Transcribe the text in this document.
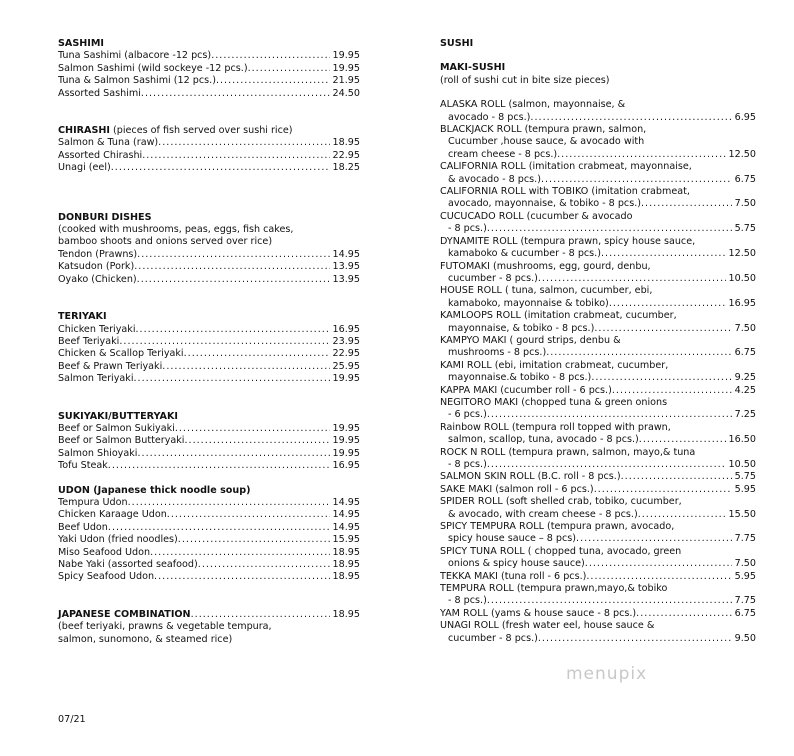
SASHIMI
Tuna Sashimi (albacore -12 pcs) .....	19.95
Salmon Sashimi (wild sockeye -12 pcs.) .....	19.95
Tuna & Salmon Sashimi (12 pcs.) .....	21.95
Assorted Sashimi .....	24.50
CHIRASHI (pieces of fish served over sushi rice)
Salmon & Tuna (raw) .....	18.95
Assorted Chirashi .....	22.95
Unagi (eel) .....	18.25
DONBURI DISHES
(cooked with mushrooms, peas, eggs, fish cakes,
bamboo shoots and onions served over rice)
Tendon (Prawns) .....	14.95
Katsudon (Pork) .....	13.95
Oyako (Chicken) .....	13.95
TERIYAKI
Chicken Teriyaki .....	16.95
Beef Teriyaki .....	23.95
Chicken & Scallop Teriyaki .....	22.95
Beef & Prawn Teriyaki .....	25.95
Salmon Teriyaki .....	19.95
SUKIYAKI/BUTTERYAKI
Beef or Salmon Sukiyaki .....	19.95
Beef or Salmon Butteryaki .....	19.95
Salmon Shioyaki .....	19.95
Tofu Steak .....	16.95
UDON (Japanese thick noodle soup)
Tempura Udon .....	14.95
Chicken Karaage Udon .....	14.95
Beef Udon .....	14.95
Yaki Udon (fried noodles) .....	15.95
Miso Seafood Udon .....	18.95
Nabe Yaki (assorted seafood) .....	18.95
Spicy Seafood Udon .....	18.95
JAPANESE COMBINATION .....	18.95
(beef teriyaki, prawns & vegetable tempura,
salmon, sunomono, & steamed rice)
07/21
SUSHI
MAKI-SUSHI
(roll of sushi cut in bite size pieces)
ALASKA ROLL (salmon, mayonnaise, &
avocado - 8 pcs.) .....	6.95
BLACKJACK ROLL (tempura prawn, salmon,
Cucumber ,house sauce, & avocado with
cream cheese - 8 pcs.) .....	12.50
CALIFORNIA ROLL (imitation crabmeat, mayonnaise,
& avocado - 8 pcs.) .....	6.75
CALIFORNIA ROLL with TOBIKO (imitation crabmeat,
avocado, mayonnaise, & tobiko - 8 pcs.) .....	7.50
CUCUCADO ROLL (cucumber & avocado
- 8 pcs.) .....	5.75
DYNAMITE ROLL (tempura prawn, spicy house sauce,
kamaboko & cucumber - 8 pcs.) .....	12.50
FUTOMAKI (mushrooms, egg, gourd, denbu,
cucumber - 8 pcs.) .....	10.50
HOUSE ROLL ( tuna, salmon, cucumber, ebi,
kamaboko, mayonnaise & tobiko) .....	16.95
KAMLOOPS ROLL (imitation crabmeat, cucumber,
mayonnaise, & tobiko - 8 pcs.) .....	7.50
KAMPYO MAKI ( gourd strips, denbu &
mushrooms - 8 pcs.) .....	6.75
KAMI ROLL (ebi, imitation crabmeat, cucumber,
mayonnaise.& tobiko - 8 pcs.) .....	9.25
KAPPA MAKI (cucumber roll - 6 pcs.) .....	4.25
NEGITORO MAKI (chopped tuna & green onions
- 6 pcs.) .....	7.25
Rainbow ROLL (tempura roll topped with prawn,
salmon, scallop, tuna, avocado - 8 pcs.) .....	16.50
ROCK N ROLL (tempura prawn, salmon, mayo,& tuna
- 8 pcs.) .....	10.50
SALMON SKIN ROLL (B.C. roll - 8 pcs.) .....	5.75
SAKE MAKI (salmon roll - 6 pcs.) .....	5.95
SPIDER ROLL (soft shelled crab, tobiko, cucumber,
& avocado, with cream cheese - 8 pcs.) .....	15.50
SPICY TEMPURA ROLL (tempura prawn, avocado,
spicy house sauce – 8 pcs) .....	7.75
SPICY TUNA ROLL ( chopped tuna, avocado, green
onions & spicy house sauce) .....	7.50
TEKKA MAKI (tuna roll - 6 pcs.) .....	5.95
TEMPURA ROLL (tempura prawn,mayo,& tobiko
- 8 pcs.) .....	7.75
YAM ROLL (yams & house sauce - 8 pcs.) .....	6.75
UNAGI ROLL (fresh water eel, house sauce &
cucumber - 8 pcs.) .....	9.50
menupix
